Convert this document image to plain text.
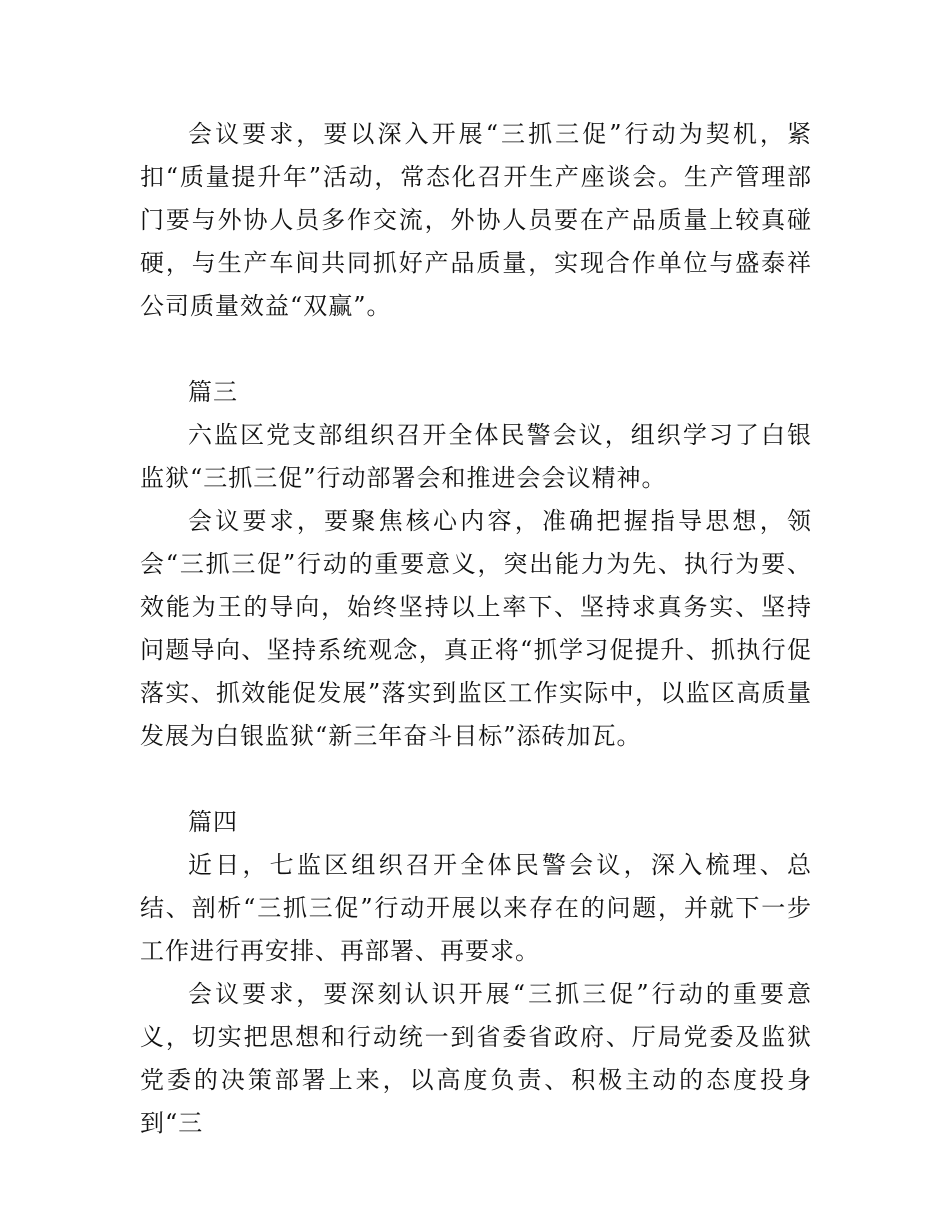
会议要求，要以深入开展“三抓三促”行动为契机，紧扣“质量提升年”活动，常态化召开生产座谈会。生产管理部门要与外协人员多作交流，外协人员要在产品质量上较真碰硬，与生产车间共同抓好产品质量，实现合作单位与盛泰祥公司质量效益“双赢”。

篇三

六监区党支部组织召开全体民警会议，组织学习了白银监狱“三抓三促”行动部署会和推进会会议精神。

会议要求，要聚焦核心内容，准确把握指导思想，领会“三抓三促”行动的重要意义，突出能力为先、执行为要、效能为王的导向，始终坚持以上率下、坚持求真务实、坚持问题导向、坚持系统观念，真正将“抓学习促提升、抓执行促落实、抓效能促发展”落实到监区工作实际中，以监区高质量发展为白银监狱“新三年奋斗目标”添砖加瓦。

篇四

近日，七监区组织召开全体民警会议，深入梳理、总结、剖析“三抓三促”行动开展以来存在的问题，并就下一步工作进行再安排、再部署、再要求。

会议要求，要深刻认识开展“三抓三促”行动的重要意义，切实把思想和行动统一到省委省政府、厅局党委及监狱党委的决策部署上来，以高度负责、积极主动的态度投身到“三
